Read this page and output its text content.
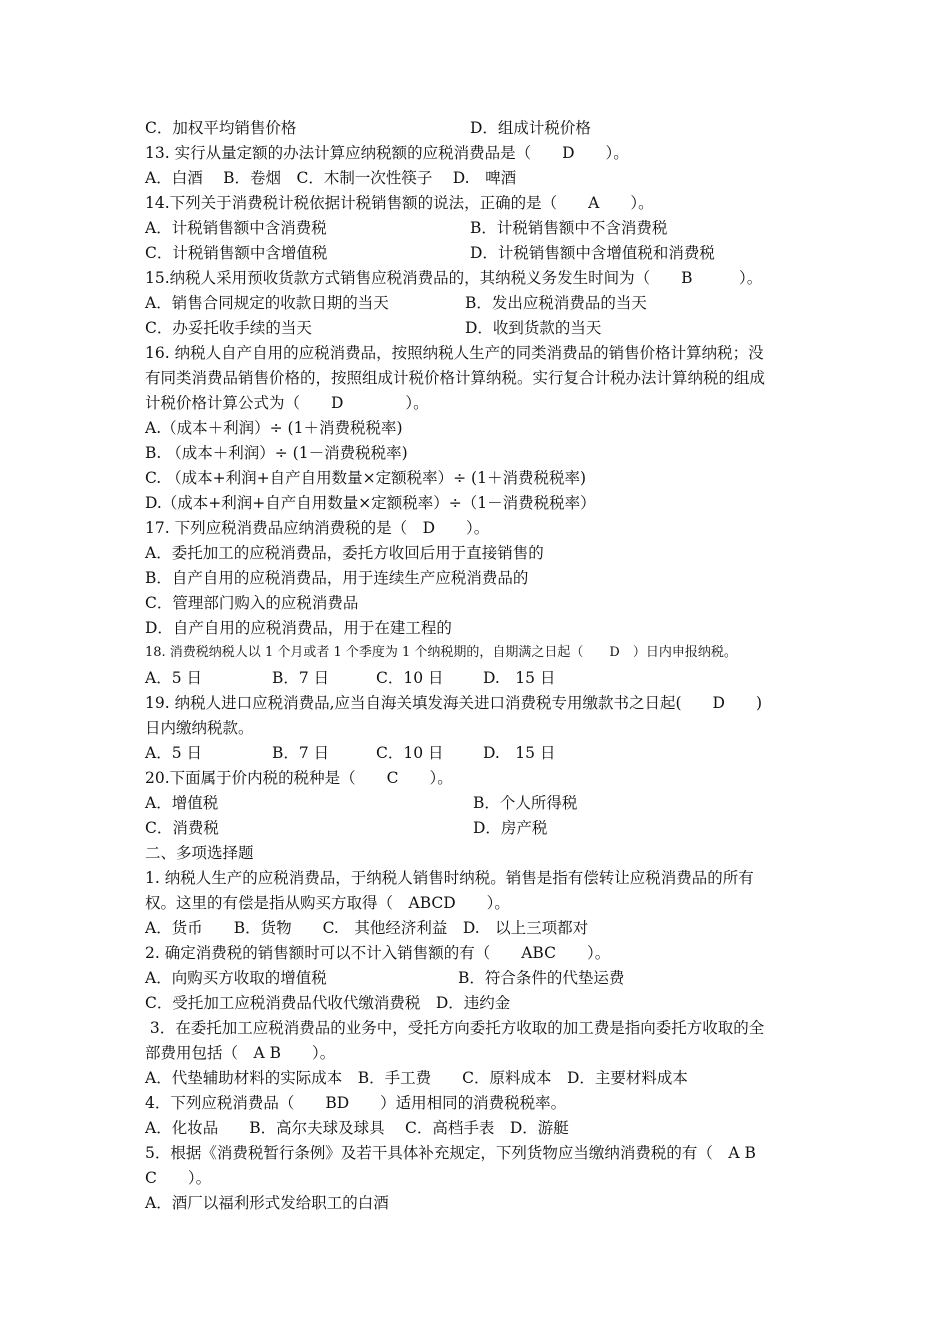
C．加权平均销售价格	D．组成计税价格
13. 实行从量定额的办法计算应纳税额的应税消费品是（　　D　　）。
A．白酒　 B．卷烟　C．木制一次性筷子　 D.　啤酒
14.下列关于消费税计税依据计税销售额的说法，正确的是（　　A　　）。
A．计税销售额中含消费税	B．计税销售额中不含消费税
C．计税销售额中含增值税	D．计税销售额中含增值税和消费税
15.纳税人采用预收货款方式销售应税消费品的，其纳税义务发生时间为（　　B　　　）。
A．销售合同规定的收款日期的当天	B．发出应税消费品的当天
C．办妥托收手续的当天	D．收到货款的当天
16. 纳税人自产自用的应税消费品，按照纳税人生产的同类消费品的销售价格计算纳税；没
有同类消费品销售价格的，按照组成计税价格计算纳税。实行复合计税办法计算纳税的组成
计税价格计算公式为（　　D　　　　）。
A.（成本＋利润）÷ (1＋消费税税率)
B. （成本＋利润）÷ (1－消费税税率)
C. （成本+利润+自产自用数量×定额税率）÷ (1＋消费税税率)
D.（成本+利润+自产自用数量×定额税率）÷（1－消费税税率）
17. 下列应税消费品应纳消费税的是（　D　　）。
A．委托加工的应税消费品，委托方收回后用于直接销售的
B．自产自用的应税消费品，用于连续生产应税消费品的
C．管理部门购入的应税消费品
D．自产自用的应税消费品，用于在建工程的
18. 消费税纳税人以 1 个月或者 1 个季度为 1 个纳税期的，自期满之日起（　　D　）日内申报纳税。
A．5 日	B．7 日	C．10 日	D.　15 日
19. 纳税人进口应税消费品,应当自海关填发海关进口消费税专用缴款书之日起(　　D　　)
日内缴纳税款。
A．5 日	B．7 日	C．10 日	D.　15 日
20.下面属于价内税的税种是（　　C　　）。
A．增值税	B．个人所得税
C．消费税	D．房产税
二、多项选择题
1. 纳税人生产的应税消费品，于纳税人销售时纳税。销售是指有偿转让应税消费品的所有
权。这里的有偿是指从购买方取得（　ABCD　　）。
A．货币　　B．货物　　C.　其他经济利益　D.　以上三项都对
2. 确定消费税的销售额时可以不计入销售额的有（　　ABC　　）。
A．向购买方收取的增值税	B．符合条件的代垫运费
C．受托加工应税消费品代收代缴消费税　D．违约金
3．在委托加工应税消费品的业务中，受托方向委托方收取的加工费是指向委托方收取的全
部费用包括（　A B　　）。
A．代垫辅助材料的实际成本　B．手工费　　C．原料成本　D．主要材料成本
4．下列应税消费品（　　BD　　）适用相同的消费税税率。
A．化妆品　　B．高尔夫球及球具　 C．高档手表　D．游艇
5．根据《消费税暂行条例》及若干具体补充规定，下列货物应当缴纳消费税的有（　A B
C　　）。
A．酒厂以福利形式发给职工的白酒
